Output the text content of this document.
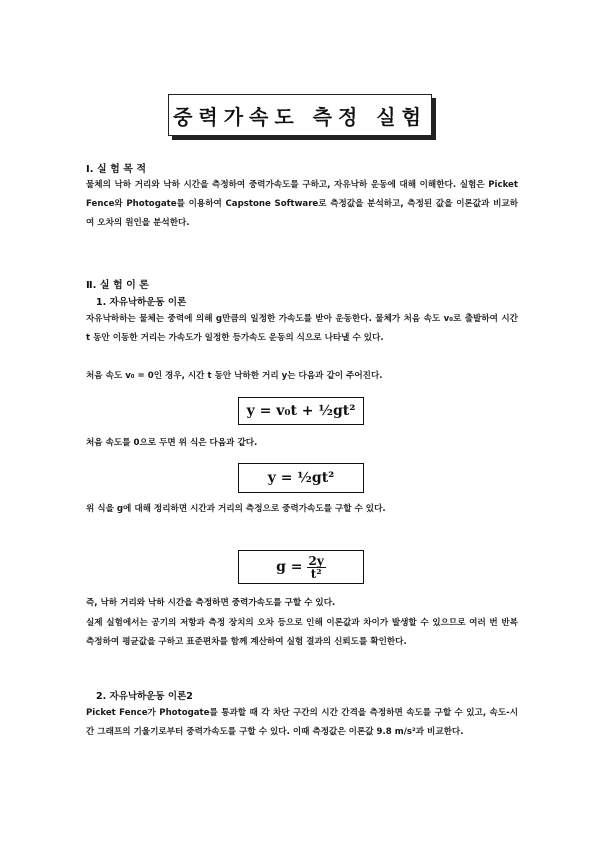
중력가속도 측정 실험
Ⅰ. 실 험 목 적

물체의 낙하 거리와 낙하 시간을 측정하여 중력가속도를 구하고, 자유낙하 운동에 대해 이해한다. 실험은 Picket Fence와 Photogate를 이용하여 Capstone Software로 측정값을 분석하고, 측정된 값을 이론값과 비교하여 오차의 원인을 분석한다.

Ⅱ. 실 험 이 론
1. 자유낙하운동 이론

자유낙하하는 물체는 중력에 의해 g만큼의 일정한 가속도를 받아 운동한다. 물체가 처음 속도 v₀로 출발하여 시간 t 동안 이동한 거리는 가속도가 일정한 등가속도 운동의 식으로 나타낼 수 있다.

처음 속도 v₀ = 0인 경우, 시간 t 동안 낙하한 거리 y는 다음과 같이 주어진다.

y = v₀t + ½gt²
처음 속도를 0으로 두면 위 식은 다음과 같다.
y = ½gt²

위 식을 g에 대해 정리하면 시간과 거리의 측정으로 중력가속도를 구할 수 있다.

$g = \frac{2y}{\text{t²}}$
즉, 낙하 거리와 낙하 시간을 측정하면 중력가속도를 구할 수 있다.

실제 실험에서는 공기의 저항과 측정 장치의 오차 등으로 인해 이론값과 차이가 발생할 수 있으므로 여러 번 반복 측정하여 평균값을 구하고 표준편차를 함께 계산하여 실험 결과의 신뢰도를 확인한다.

2. 자유낙하운동 이론2

Picket Fence가 Photogate를 통과할 때 각 차단 구간의 시간 간격을 측정하면 속도를 구할 수 있고, 속도-시간 그래프의 기울기로부터 중력가속도를 구할 수 있다. 이때 측정값은 이론값 9.8 m/s²과 비교한다.
